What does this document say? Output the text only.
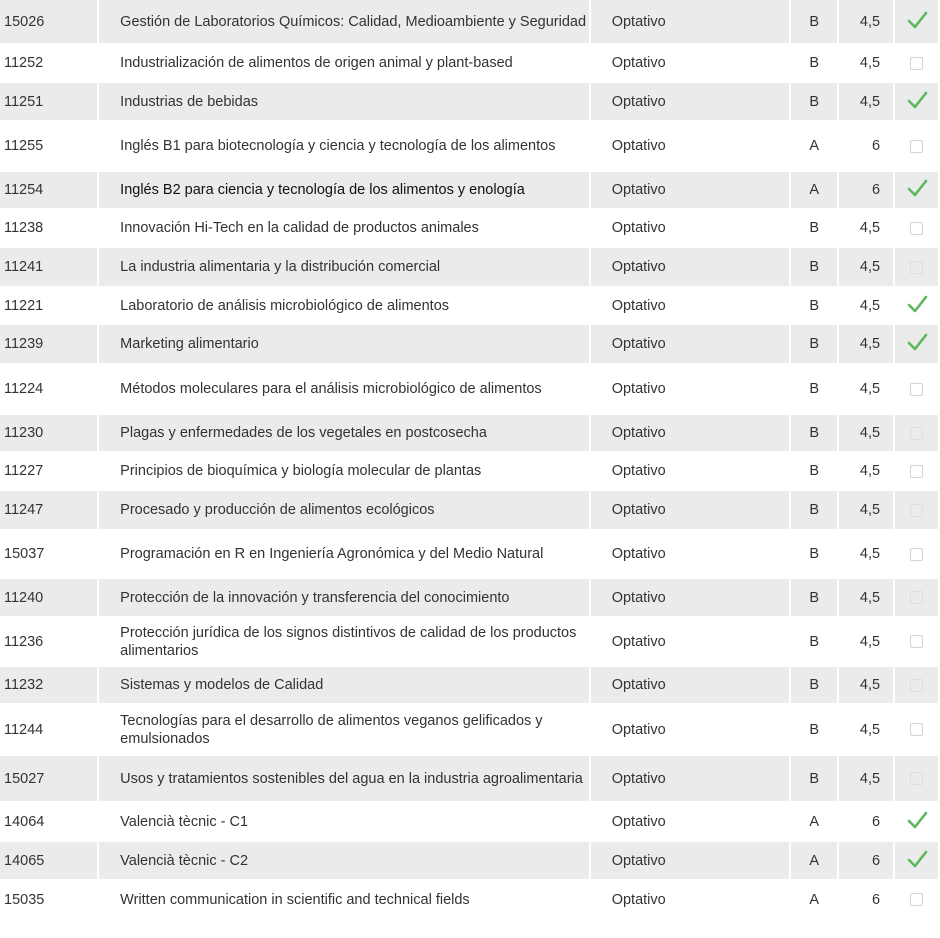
15026	Gestión de Laboratorios Químicos: Calidad, Medioambiente y Seguridad	Optativo	B	4,5	
11252	Industrialización de alimentos de origen animal y plant-based	Optativo	B	4,5	
11251	Industrias de bebidas	Optativo	B	4,5	
11255	Inglés B1 para biotecnología y ciencia y tecnología de los alimentos	Optativo	A	6	
11254	Inglés B2 para ciencia y tecnología de los alimentos y enología	Optativo	A	6	
11238	Innovación Hi-Tech en la calidad de productos animales	Optativo	B	4,5	
11241	La industria alimentaria y la distribución comercial	Optativo	B	4,5	
11221	Laboratorio de análisis microbiológico de alimentos	Optativo	B	4,5	
11239	Marketing alimentario	Optativo	B	4,5	
11224	Métodos moleculares para el análisis microbiológico de alimentos	Optativo	B	4,5	
11230	Plagas y enfermedades de los vegetales en postcosecha	Optativo	B	4,5	
11227	Principios de bioquímica y biología molecular de plantas	Optativo	B	4,5	
11247	Procesado y producción de alimentos ecológicos	Optativo	B	4,5	
15037	Programación en R en Ingeniería Agronómica y del Medio Natural	Optativo	B	4,5	
11240	Protección de la innovación y transferencia del conocimiento	Optativo	B	4,5	
11236	Protección jurídica de los signos distintivos de calidad de los productos alimentarios	Optativo	B	4,5	
11232	Sistemas y modelos de Calidad	Optativo	B	4,5	
11244	Tecnologías para el desarrollo de alimentos veganos gelificados y emulsionados	Optativo	B	4,5	
15027	Usos y tratamientos sostenibles del agua en la industria agroalimentaria	Optativo	B	4,5	
14064	Valencià tècnic - C1	Optativo	A	6	
14065	Valencià tècnic - C2	Optativo	A	6	
15035	Written communication in scientific and technical fields	Optativo	A	6	
